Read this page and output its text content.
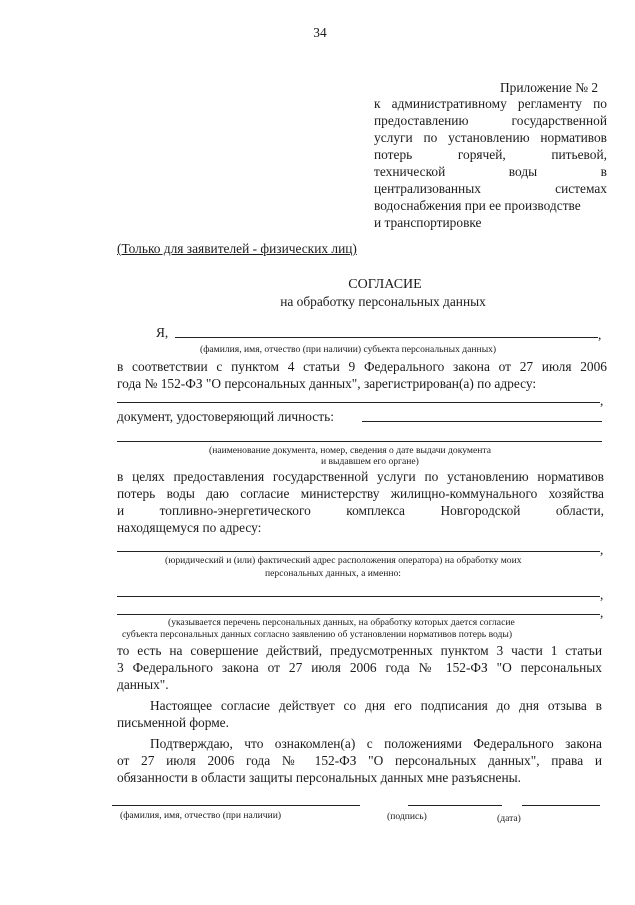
34
Приложение № 2
к административному регламенту по
предоставлению государственной
услуги по установлению нормативов
потерь горячей, питьевой,
технической воды в
централизованных системах
водоснабжения при ее производстве
и транспортировке
(Только для заявителей - физических лиц)
СОГЛАСИЕ
на обработку персональных данных
Я,	,
(фамилия, имя, отчество (при наличии) субъекта персональных данных)
в соответствии с пунктом 4 статьи 9 Федерального закона от 27 июля 2006
года № 152-ФЗ "О персональных данных", зарегистрирован(а) по адресу:
,
документ, удостоверяющий личность:
(наименование документа, номер, сведения о дате выдачи документа
и выдавшем его органе)
в целях предоставления государственной услуги по установлению нормативов
потерь воды даю согласие министерству жилищно-коммунального хозяйства
и топливно-энергетического комплекса Новгородской области,
находящемуся по адресу:
,
(юридический и (или) фактический адрес расположения оператора) на обработку моих
персональных данных, а именно:
,
,
(указывается перечень персональных данных, на обработку которых дается согласие
субъекта персональных данных согласно заявлению об установлении нормативов потерь воды)
то есть на совершение действий, предусмотренных пунктом 3 части 1 статьи
3 Федерального закона от 27 июля 2006 года № 152-ФЗ "О персональных
данных".
Настоящее согласие действует со дня его подписания до дня отзыва в
письменной форме.
Подтверждаю, что ознакомлен(а) с положениями Федерального закона
от 27 июля 2006 года № 152-ФЗ "О персональных данных", права и
обязанности в области защиты персональных данных мне разъяснены.
(фамилия, имя, отчество (при наличии)	(подпись)	(дата)
